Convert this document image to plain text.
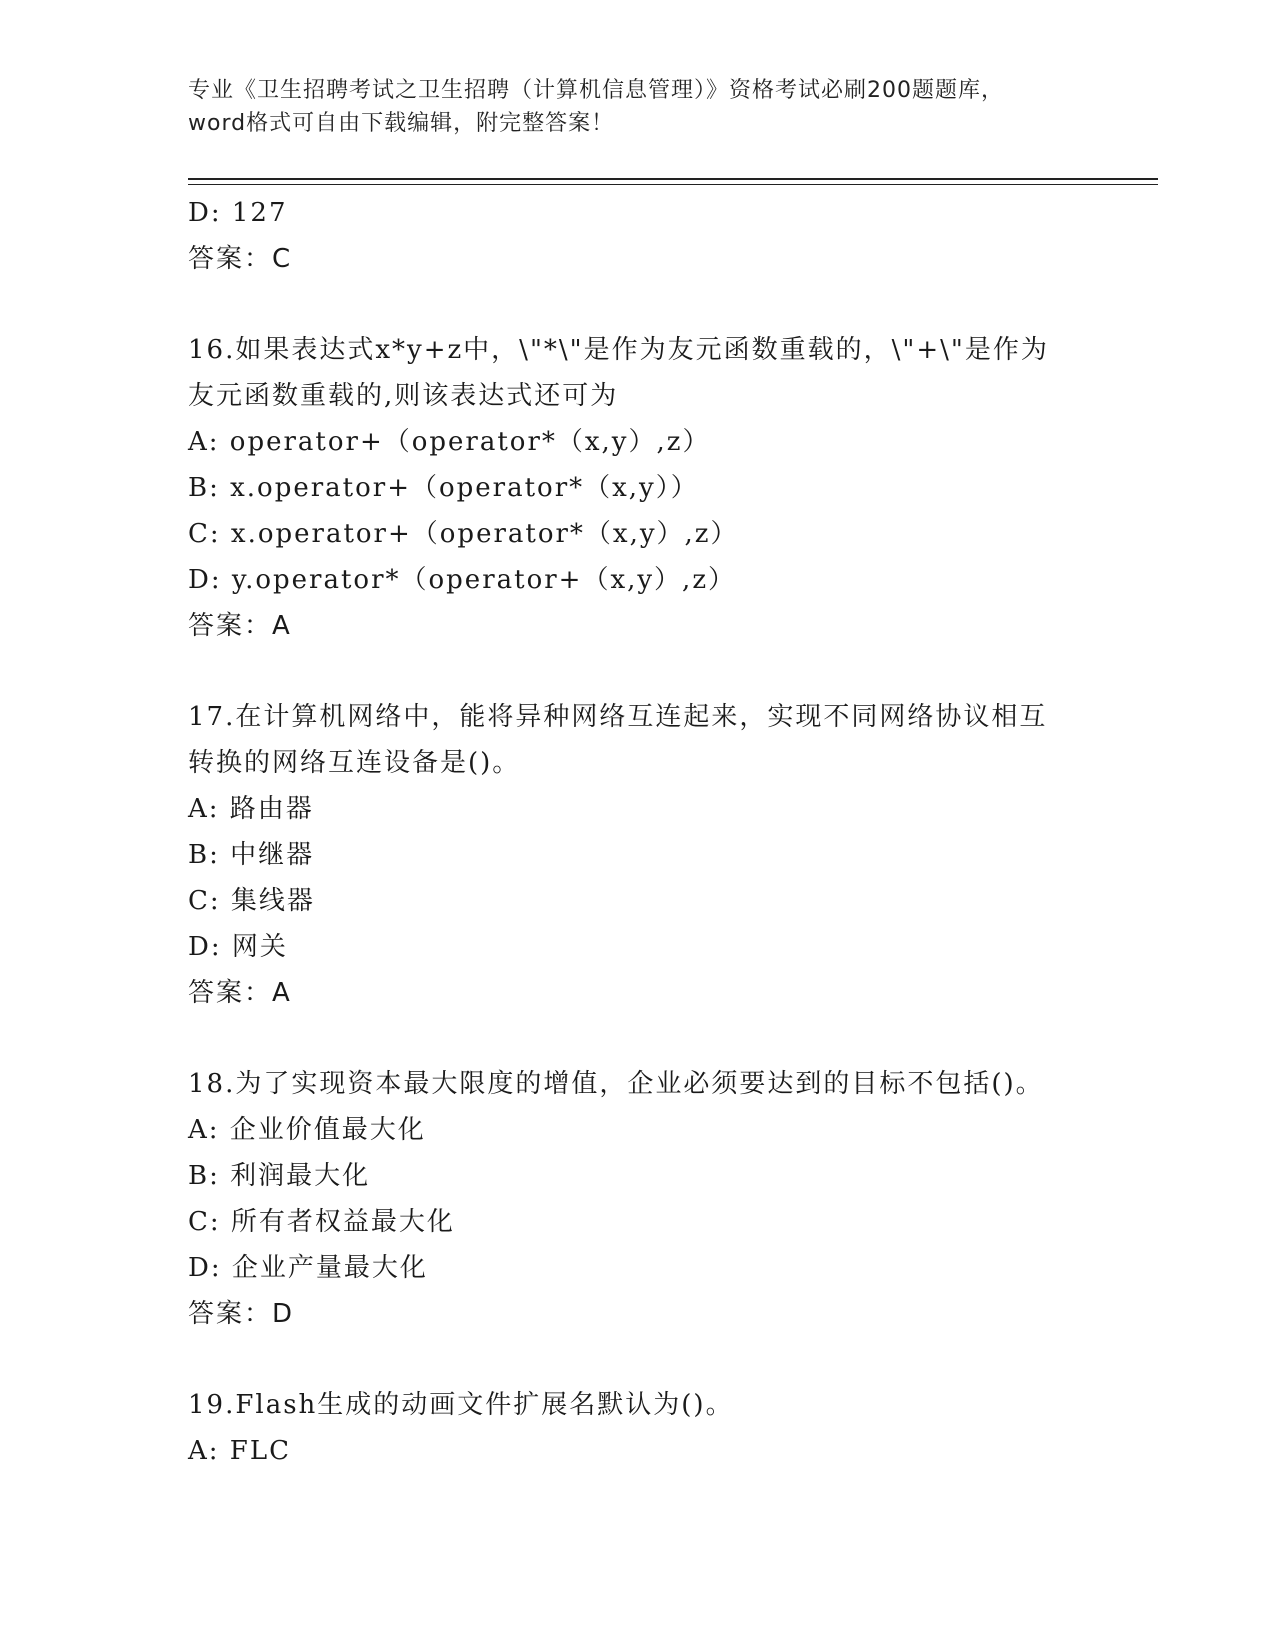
专业《卫生招聘考试之卫生招聘（计算机信息管理）》资格考试必刷200题题库，
word格式可自由下载编辑，附完整答案！
D: 127
答案：C
16.如果表达式x*y+z中，\"*\"是作为友元函数重载的，\"+\"是作为
友元函数重载的,则该表达式还可为
A: operator+（operator*（x,y）,z）
B: x.operator+（operator*（x,y））
C: x.operator+（operator*（x,y）,z）
D: y.operator*（operator+（x,y）,z）
答案：A
17.在计算机网络中，能将异种网络互连起来，实现不同网络协议相互
转换的网络互连设备是()。
A: 路由器
B: 中继器
C: 集线器
D: 网关
答案：A
18.为了实现资本最大限度的增值，企业必须要达到的目标不包括()。
A: 企业价值最大化
B: 利润最大化
C: 所有者权益最大化
D: 企业产量最大化
答案：D
19.Flash生成的动画文件扩展名默认为()。
A: FLC
